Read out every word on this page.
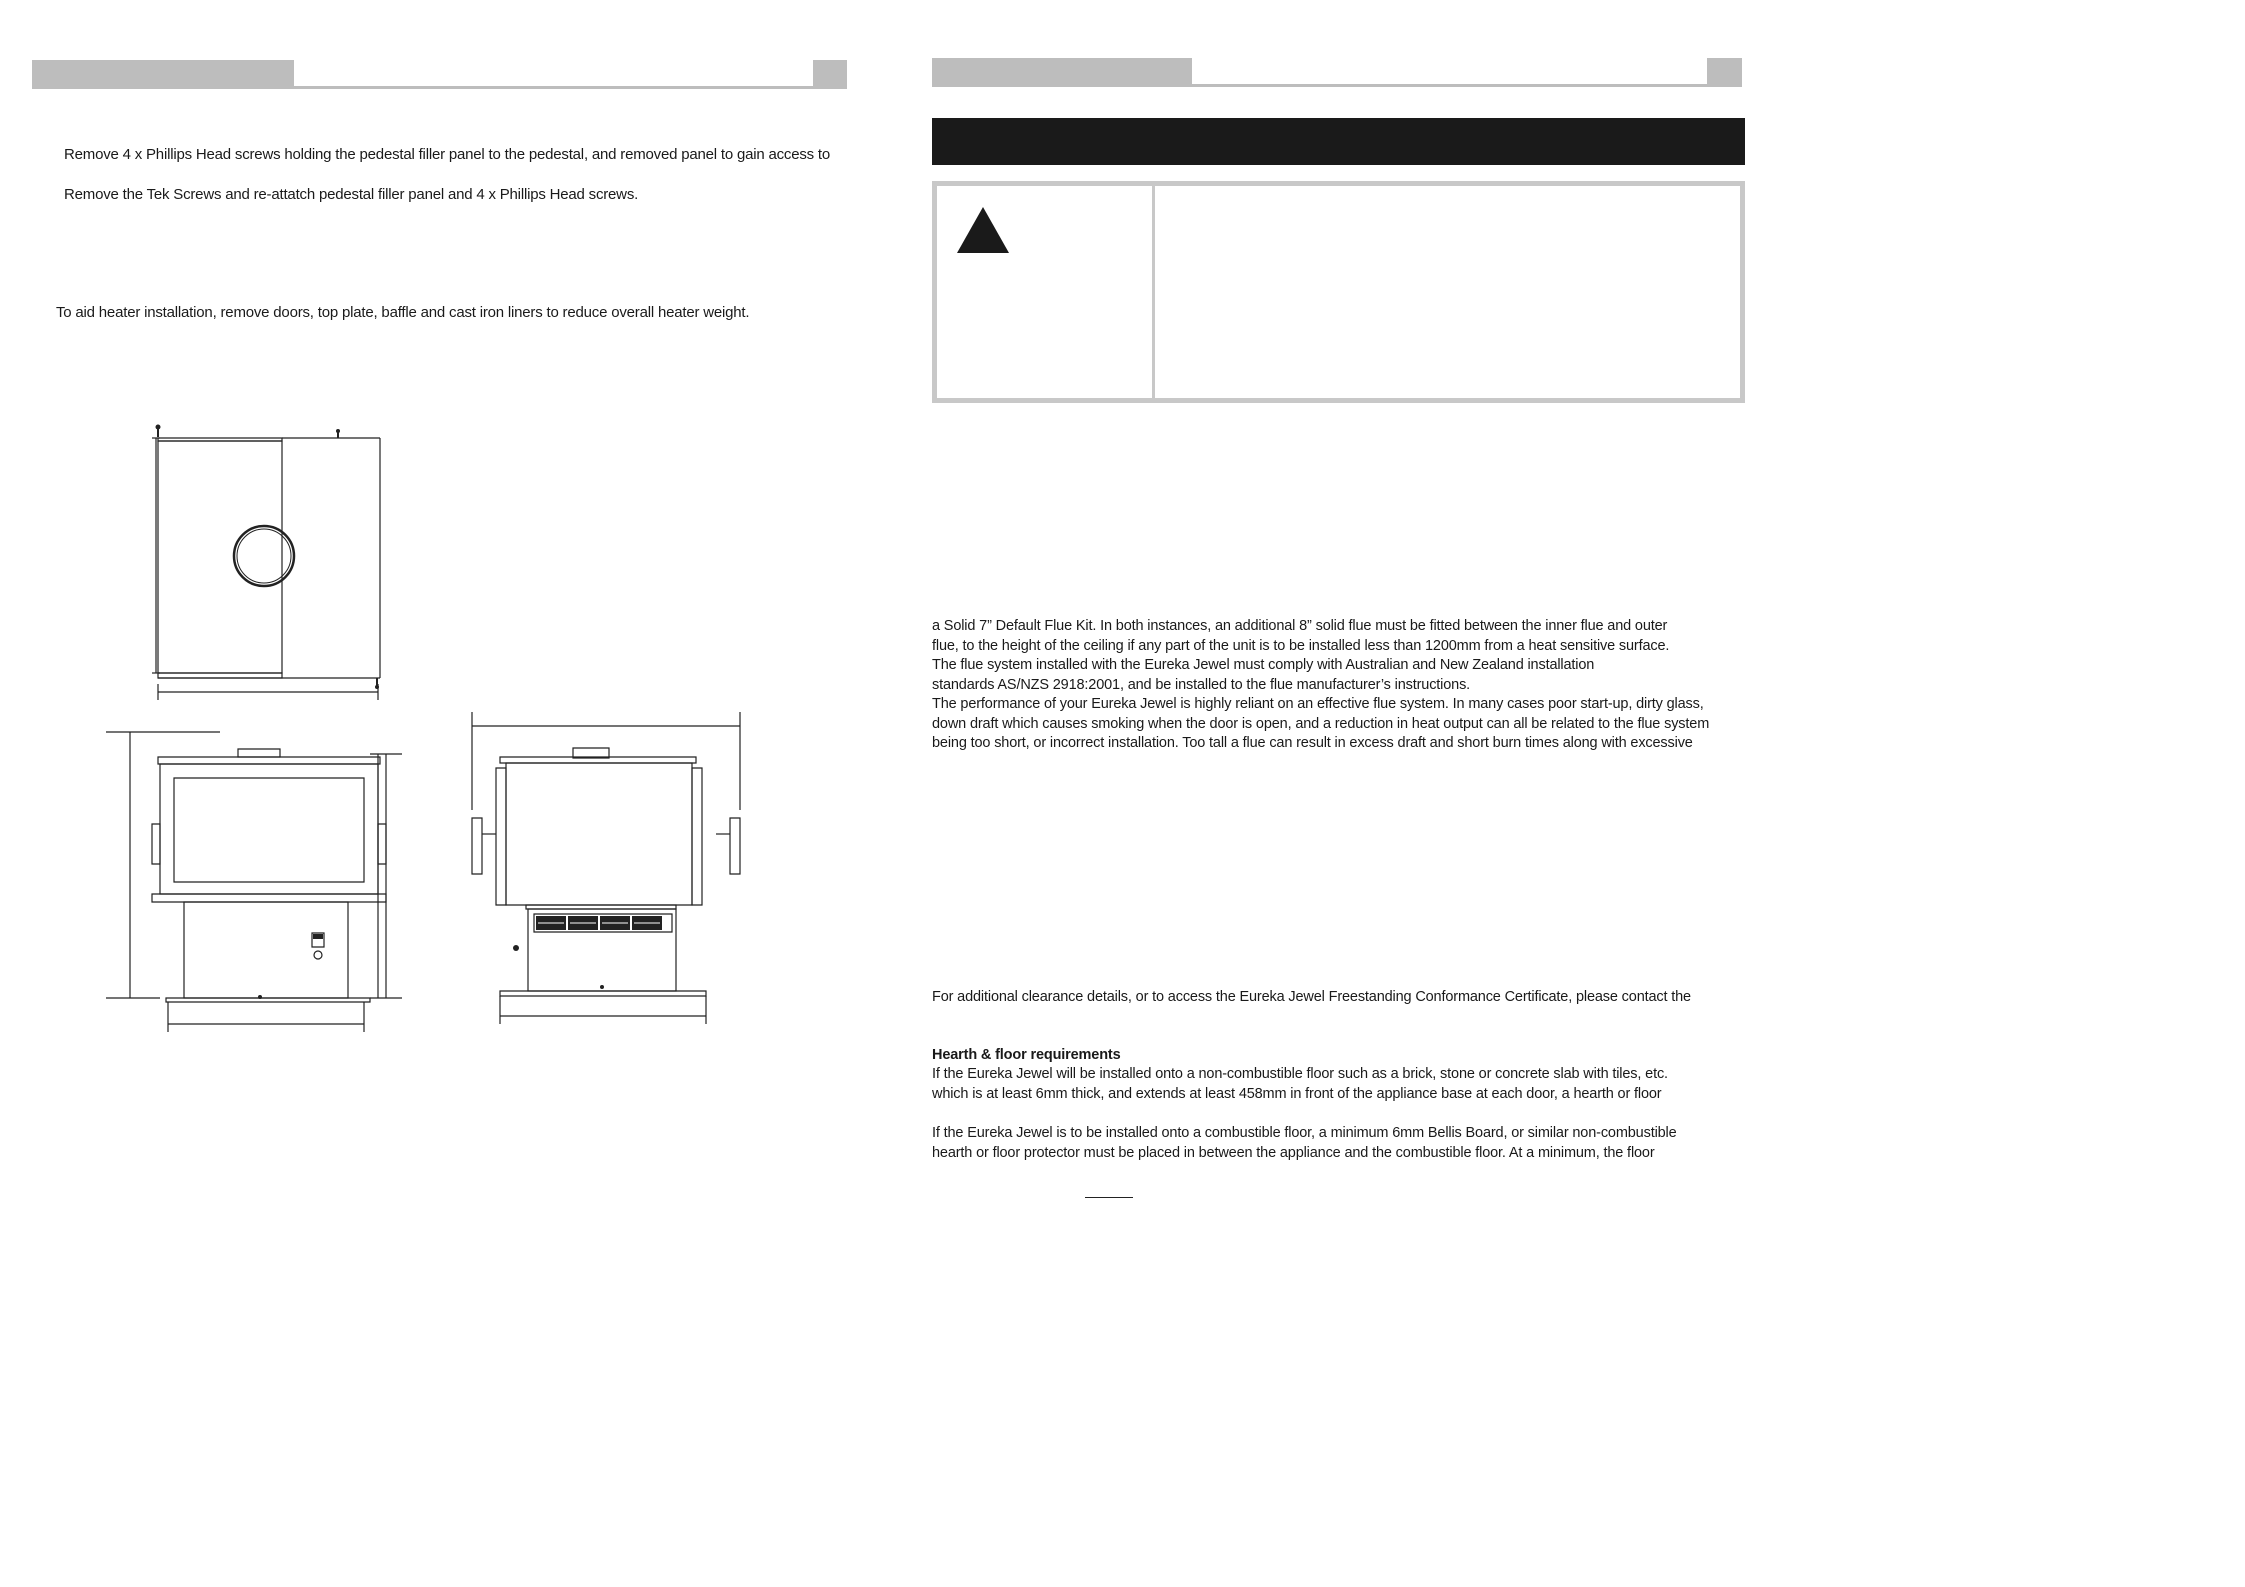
Remove 4 x Phillips Head screws holding the pedestal filler panel to the pedestal, and removed panel to gain access to
Remove the Tek Screws and re-attatch pedestal filler panel and 4 x Phillips Head screws.
To aid heater installation, remove doors, top plate, baffle and cast iron liners to reduce overall heater weight.
a Solid 7” Default Flue Kit. In both instances, an additional 8” solid flue must be fitted between the inner flue and outer
flue, to the height of the ceiling if any part of the unit is to be installed less than 1200mm from a heat sensitive surface.
The flue system installed with the Eureka Jewel must comply with Australian and New Zealand installation
standards AS/NZS 2918:2001, and be installed to the flue manufacturer’s instructions.
The performance of your Eureka Jewel is highly reliant on an effective flue system. In many cases poor start-up, dirty glass,
down draft which causes smoking when the door is open, and a reduction in heat output can all be related to the flue system
being too short, or incorrect installation. Too tall a flue can result in excess draft and short burn times along with excessive
For additional clearance details, or to access the Eureka Jewel Freestanding Conformance Certificate, please contact the
Hearth & floor requirements
If the Eureka Jewel will be installed onto a non-combustible floor such as a brick, stone or concrete slab with tiles, etc.
which is at least 6mm thick, and extends at least 458mm in front of the appliance base at each door, a hearth or floor
If the Eureka Jewel is to be installed onto a combustible floor, a minimum 6mm Bellis Board, or similar non-combustible
hearth or floor protector must be placed in between the appliance and the combustible floor. At a minimum, the floor
